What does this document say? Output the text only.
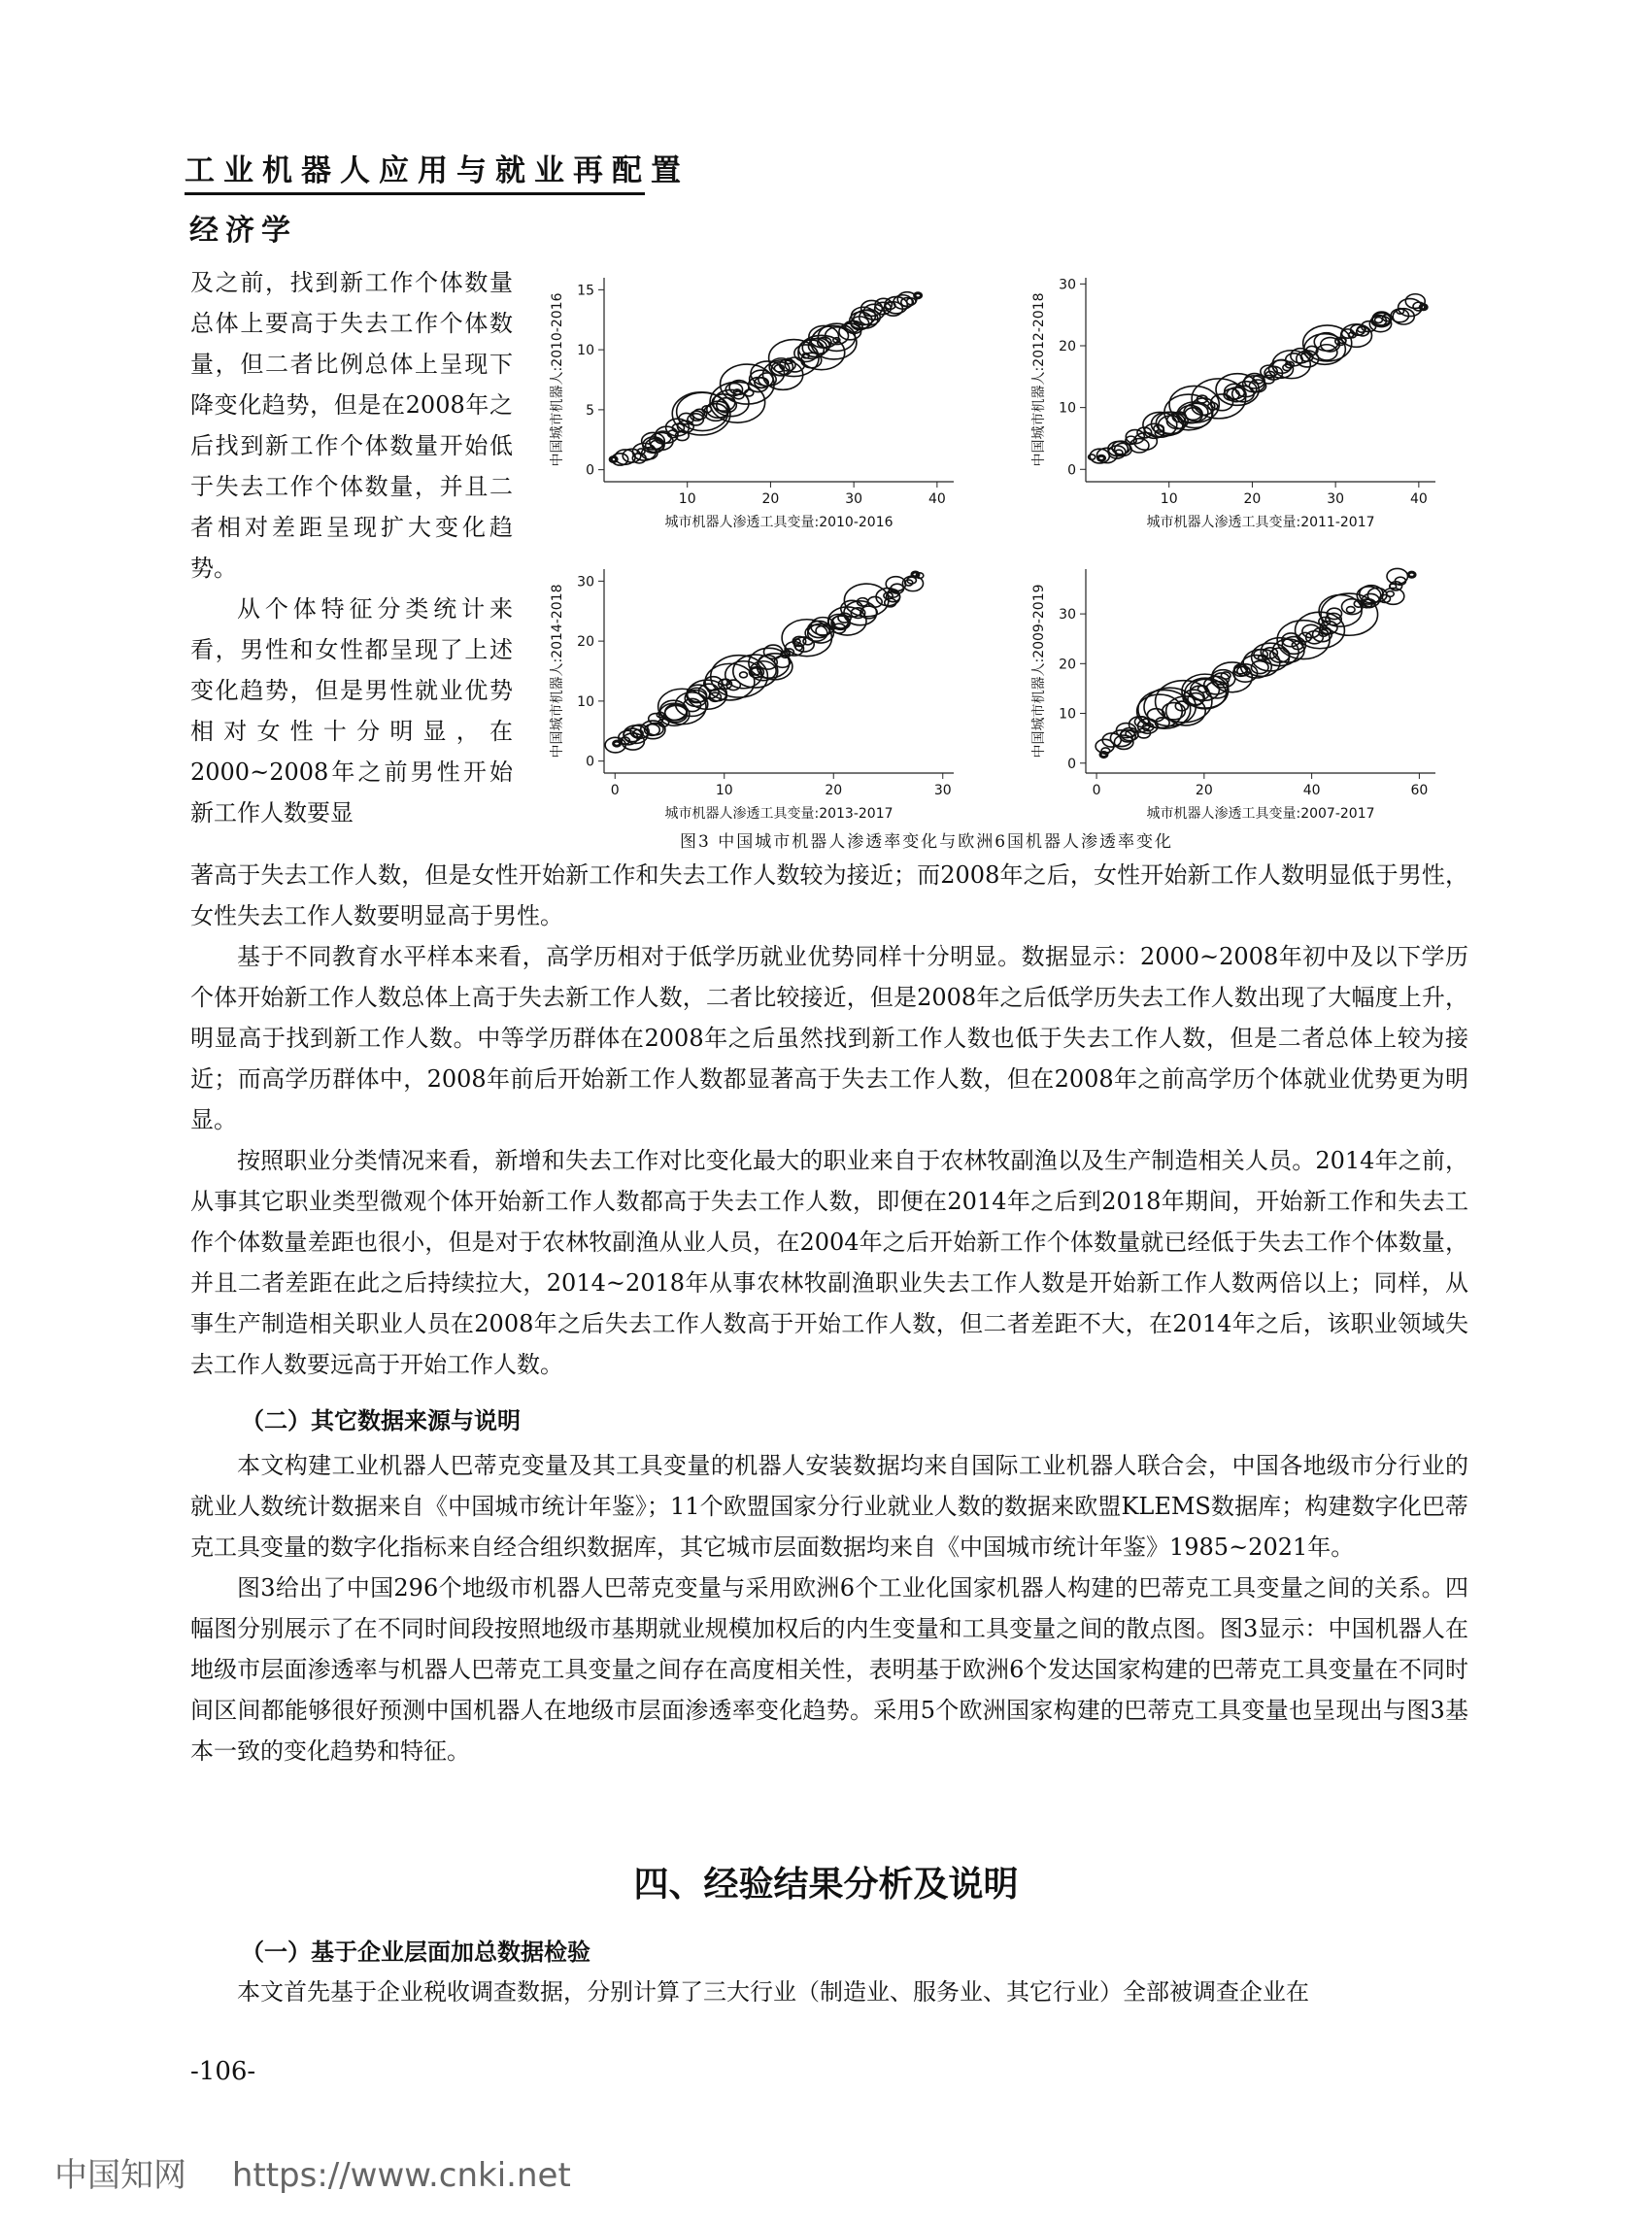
工业机器人应用与就业再配置
经济学

及之前，找到新工作个体数量总体上要高于失去工作个体数量，但二者比例总体上呈现下降变化趋势，但是在2008年之后找到新工作个体数量开始低于失去工作个体数量，并且二者相对差距呈现扩大变化趋势。

从个体特征分类统计来看，男性和女性都呈现了上述变化趋势，但是男性就业优势相对女性十分明显，在2000~2008年之前男性开始新工作人数要显

0
5
10
15
10	20	30	40
城市机器人渗透工具变量:2010-2016
中国城市机器人:2010-2016
0
10
20
30
10	20	30	40
城市机器人渗透工具变量:2011-2017
中国城市机器人:2012-2018
0
10
20
30
0	10	20	30
城市机器人渗透工具变量:2013-2017
中国城市机器人:2014-2018
0
10
20
30
0	20	40	60
城市机器人渗透工具变量:2007-2017
中国城市机器人:2009-2019
图3 中国城市机器人渗透率变化与欧洲6国机器人渗透率变化

著高于失去工作人数，但是女性开始新工作和失去工作人数较为接近；而2008年之后，女性开始新工作人数明显低于男性，女性失去工作人数要明显高于男性。

基于不同教育水平样本来看，高学历相对于低学历就业优势同样十分明显。数据显示：2000~2008年初中及以下学历个体开始新工作人数总体上高于失去新工作人数，二者比较接近，但是2008年之后低学历失去工作人数出现了大幅度上升，明显高于找到新工作人数。中等学历群体在2008年之后虽然找到新工作人数也低于失去工作人数，但是二者总体上较为接近；而高学历群体中，2008年前后开始新工作人数都显著高于失去工作人数，但在2008年之前高学历个体就业优势更为明显。

按照职业分类情况来看，新增和失去工作对比变化最大的职业来自于农林牧副渔以及生产制造相关人员。2014年之前，从事其它职业类型微观个体开始新工作人数都高于失去工作人数，即便在2014年之后到2018年期间，开始新工作和失去工作个体数量差距也很小，但是对于农林牧副渔从业人员，在2004年之后开始新工作个体数量就已经低于失去工作个体数量，并且二者差距在此之后持续拉大，2014~2018年从事农林牧副渔职业失去工作人数是开始新工作人数两倍以上；同样，从事生产制造相关职业人员在2008年之后失去工作人数高于开始工作人数，但二者差距不大，在2014年之后，该职业领域失去工作人数要远高于开始工作人数。

（二）其它数据来源与说明

本文构建工业机器人巴蒂克变量及其工具变量的机器人安装数据均来自国际工业机器人联合会，中国各地级市分行业的就业人数统计数据来自《中国城市统计年鉴》；11个欧盟国家分行业就业人数的数据来欧盟KLEMS数据库；构建数字化巴蒂克工具变量的数字化指标来自经合组织数据库，其它城市层面数据均来自《中国城市统计年鉴》1985~2021年。

图3给出了中国296个地级市机器人巴蒂克变量与采用欧洲6个工业化国家机器人构建的巴蒂克工具变量之间的关系。四幅图分别展示了在不同时间段按照地级市基期就业规模加权后的内生变量和工具变量之间的散点图。图3显示：中国机器人在地级市层面渗透率与机器人巴蒂克工具变量之间存在高度相关性，表明基于欧洲6个发达国家构建的巴蒂克工具变量在不同时间区间都能够很好预测中国机器人在地级市层面渗透率变化趋势。采用5个欧洲国家构建的巴蒂克工具变量也呈现出与图3基本一致的变化趋势和特征。

四、经验结果分析及说明
（一）基于企业层面加总数据检验

本文首先基于企业税收调查数据，分别计算了三大行业（制造业、服务业、其它行业）全部被调查企业在

-106-
中国知网 https://www.cnki.net
